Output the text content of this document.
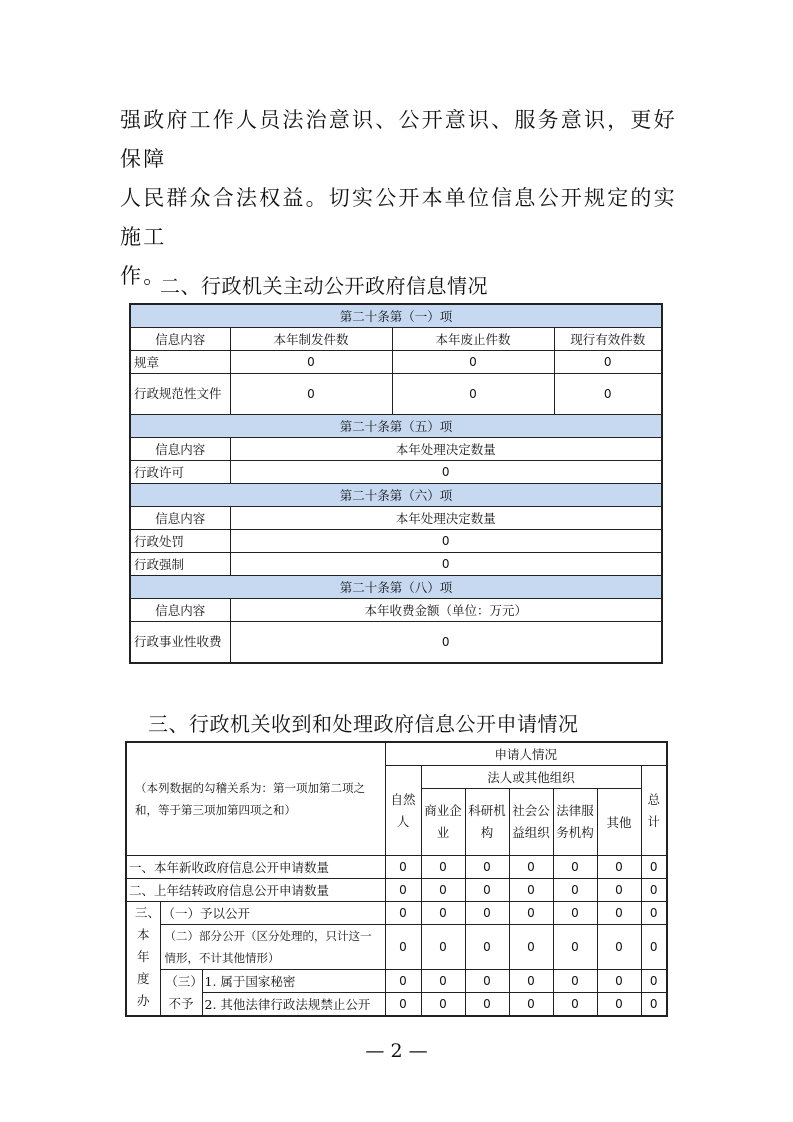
强政府工作人员法治意识、公开意识、服务意识，更好保障

人民群众合法权益。切实公开本单位信息公开规定的实施工

作。

二、行政机关主动公开政府信息情况
第二十条第（一）项			
信息内容	本年制发件数	本年废止件数	现行有效件数
规章	0	0	0
行政规范性文件	0	0	0
第二十条第（五）项			
信息内容	本年处理决定数量		
行政许可	0		
第二十条第（六）项			
信息内容	本年处理决定数量		
行政处罚	0		
行政强制	0		
第二十条第（八）项			
信息内容	本年收费金额（单位：万元）		
行政事业性收费	0		
三、行政机关收到和处理政府信息公开申请情况
（本列数据的勾稽关系为：第一项加第二项之和，等于第三项加第四项之和）			申请人情况						
			自然人	法人或其他组织					总计
				商业企业	科研机构	社会公益组织	法律服务机构	其他	

一、本年新收政府信息公开申请数量			0	0	0	0	0	0	0
二、上年结转政府信息公开申请数量			0	0	0	0	0	0	0
三、本年度办	（一）予以公开		0	0	0	0	0	0	0
	（二）部分公开（区分处理的，只计这一情形，不计其他情形）		0	0	0	0	0	0	0
	（三）不予	1. 属于国家秘密	0	0	0	0	0	0	0
		2. 其他法律行政法规禁止公开	0	0	0	0	0	0	0
— 2 —
